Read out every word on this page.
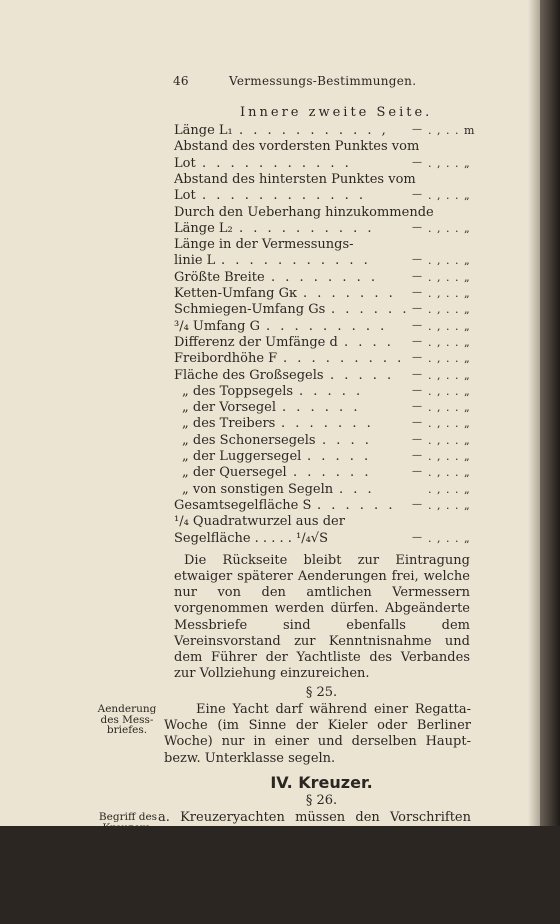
46	Vermessungs-Bestimmungen.
Innere zweite Seite.
Länge L₁ . . . . . . . . . . , — . , . . m
Abstand des vordersten Punktes vom
Lot . . . . . . . . . . .	— . , . . „
Abstand des hintersten Punktes vom
Lot . . . . . . . . . . . .	— . , . . „
Durch den Ueberhang hinzukommende
Länge L₂ . . . . . . . . . .	— . , . . „
Länge in der Vermessungs-
linie L . . . . . . . . . . .	— . , . . „
Größte Breite . . . . . . . .	— . , . . „
Ketten-Umfang Gĸ . . . . . . . — . , . . „
Schmiegen-Umfang Gs . . . . . . — . , . . „
³/₄ Umfang G . . . . . . . . . — . , . . „
Differenz der Umfänge d . . . . — . , . . „
Freibordhöhe F . . . . . . . . . — . , . . „
Fläche des Großsegels . . . . . — . , . . „
„ des Toppsegels . . . . .	— . , . . „
„ der Vorsegel . . . . . .	— . , . . „
„ des Treibers . . . . . . .	— . , . . „
„ des Schonersegels . . . .	— . , . . „
„ der Luggersegel . . . . .	— . , . . „
„ der Quersegel . . . . . .	— . , . . „
„ von sonstigen Segeln . . .	. , . . „
Gesamtsegelfläche S . . . . . . — . , . . „
¹/₄ Quadratwurzel aus der
Segelfläche . . . . . ¹/₄√S	— . , . . „
Die Rückseite bleibt zur Eintragung etwaiger späterer Aenderungen frei, welche nur von den amtlichen Vermessern vorgenommen werden dürfen. Abgeänderte Messbriefe sind ebenfalls dem Vereinsvorstand zur Kenntnisnahme und dem Führer der Yachtliste des Verbandes zur Vollziehung einzureichen.
§ 25.
Aenderung
des Mess-
briefes.
Eine Yacht darf während einer Regatta-Woche (im Sinne der Kieler oder Berliner Woche) nur in einer und derselben Haupt- bezw. Unterklasse segeln.
IV. Kreuzer.
§ 26.
Begriff des
Kreuzers.
a. Kreuzeryachten müssen den Vorschriften der ersten Klasse des Germanischen oder Britischen Lloyds entsprechen.
Kreuzeryachten, welche nur den Vorschriften für Binnengewässer entsprechen, sind von der Teilnahme an den Seewettfahrten als Kreuzer ausgeschlossen.
